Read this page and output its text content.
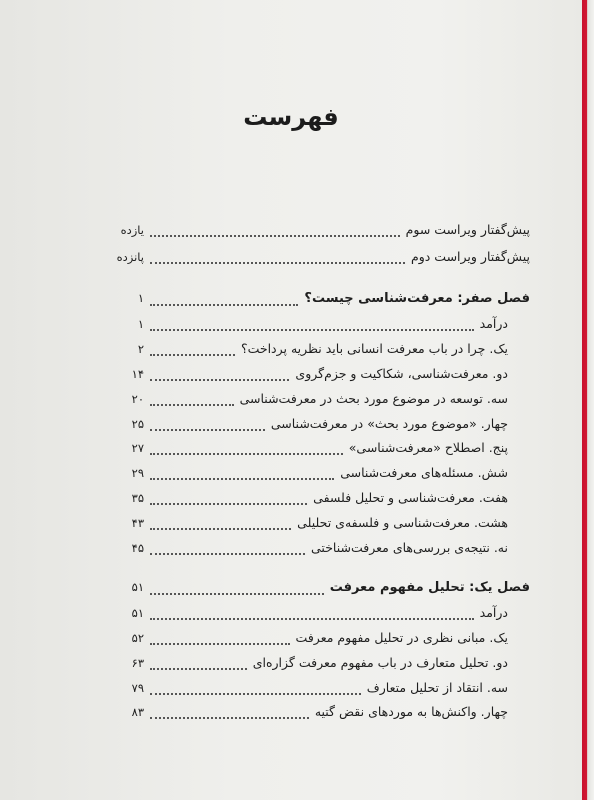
فهرست
پیش‌گفتار ویراست سوم
یازده
پیش‌گفتار ویراست دوم
پانزده
فصل صفر: معرفت‌شناسی چیست؟
۱
درآمد
۱
یک. چرا در باب معرفت انسانی باید نظریه پرداخت؟
۲
دو. معرفت‌شناسی، شکاکیت و جزم‌گروی
۱۴
سه. توسعه در موضوع مورد بحث در معرفت‌شناسی
۲۰
چهار. «موضوع مورد بحث» در معرفت‌شناسی
۲۵
پنج. اصطلاح «معرفت‌شناسی»
۲۷
شش. مسئله‌های معرفت‌شناسی
۲۹
هفت. معرفت‌شناسی و تحلیل فلسفی
۳۵
هشت. معرفت‌شناسی و فلسفه‌ی تحلیلی
۴۳
نه. نتیجه‌ی بررسی‌های معرفت‌شناختی
۴۵
فصل یک: تحلیل مفهوم معرفت
۵۱
درآمد
۵۱
یک. مبانی نظری در تحلیل مفهوم معرفت
۵۲
دو. تحلیل متعارف در باب مفهوم معرفت گزاره‌ای
۶۳
سه. انتقاد از تحلیل متعارف
۷۹
چهار. واکنش‌ها به موردهای نقض گتیه
۸۳
